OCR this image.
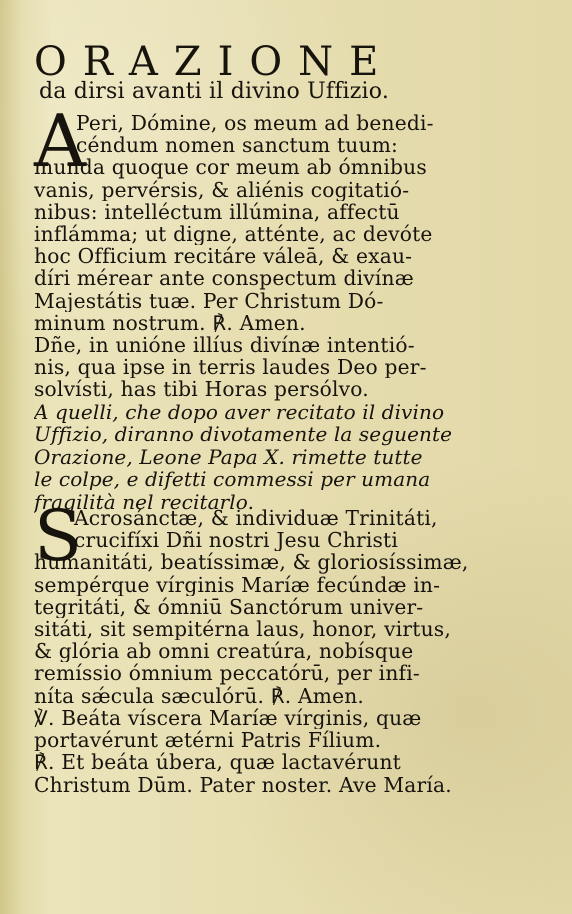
ORAZIONE
da dirsi avanti il divino Uffizio.
A
Peri, Dómine, os meum ad benedi-
céndum nomen sanctum tuum:
munda quoque cor meum ab ómnibus
vanis, pervérsis, & aliénis cogitatió-
nibus: intelléctum illúmina, affectū
inflámma; ut digne, atténte, ac devóte
hoc Officium recitáre váleā, & exau-
díri mérear ante conspectum divínæ
Majestátis tuæ. Per Christum Dó-
minum nostrum. ℟. Amen.
Dñe, in unióne illíus divínæ intentió-
nis, qua ipse in terris laudes Deo per-
solvísti, has tibi Horas persólvo.
A quelli, che dopo aver recitato il divino
Uffizio, diranno divotamente la seguente
Orazione, Leone Papa X. rimette tutte
le colpe, e difetti commessi per umana
fragilità nel recitarlo.
S
Acrosánctæ, & individuæ Trinitáti,
crucifíxi Dñi nostri Jesu Christi
humanitáti, beatíssimæ, & gloriosíssimæ,
sempérque vírginis Maríæ fecúndæ in-
tegritáti, & ómniū Sanctórum univer-
sitáti, sit sempitérna laus, honor, virtus,
& glória ab omni creatúra, nobísque
remíssio ómnium peccatórū, per infi-
níta sǽcula sæculórū. ℟. Amen.
℣. Beáta víscera Maríæ vírginis, quæ
portavérunt ætérni Patris Fílium.
℟. Et beáta úbera, quæ lactavérunt
Christum Dūm. Pater noster. Ave María.
